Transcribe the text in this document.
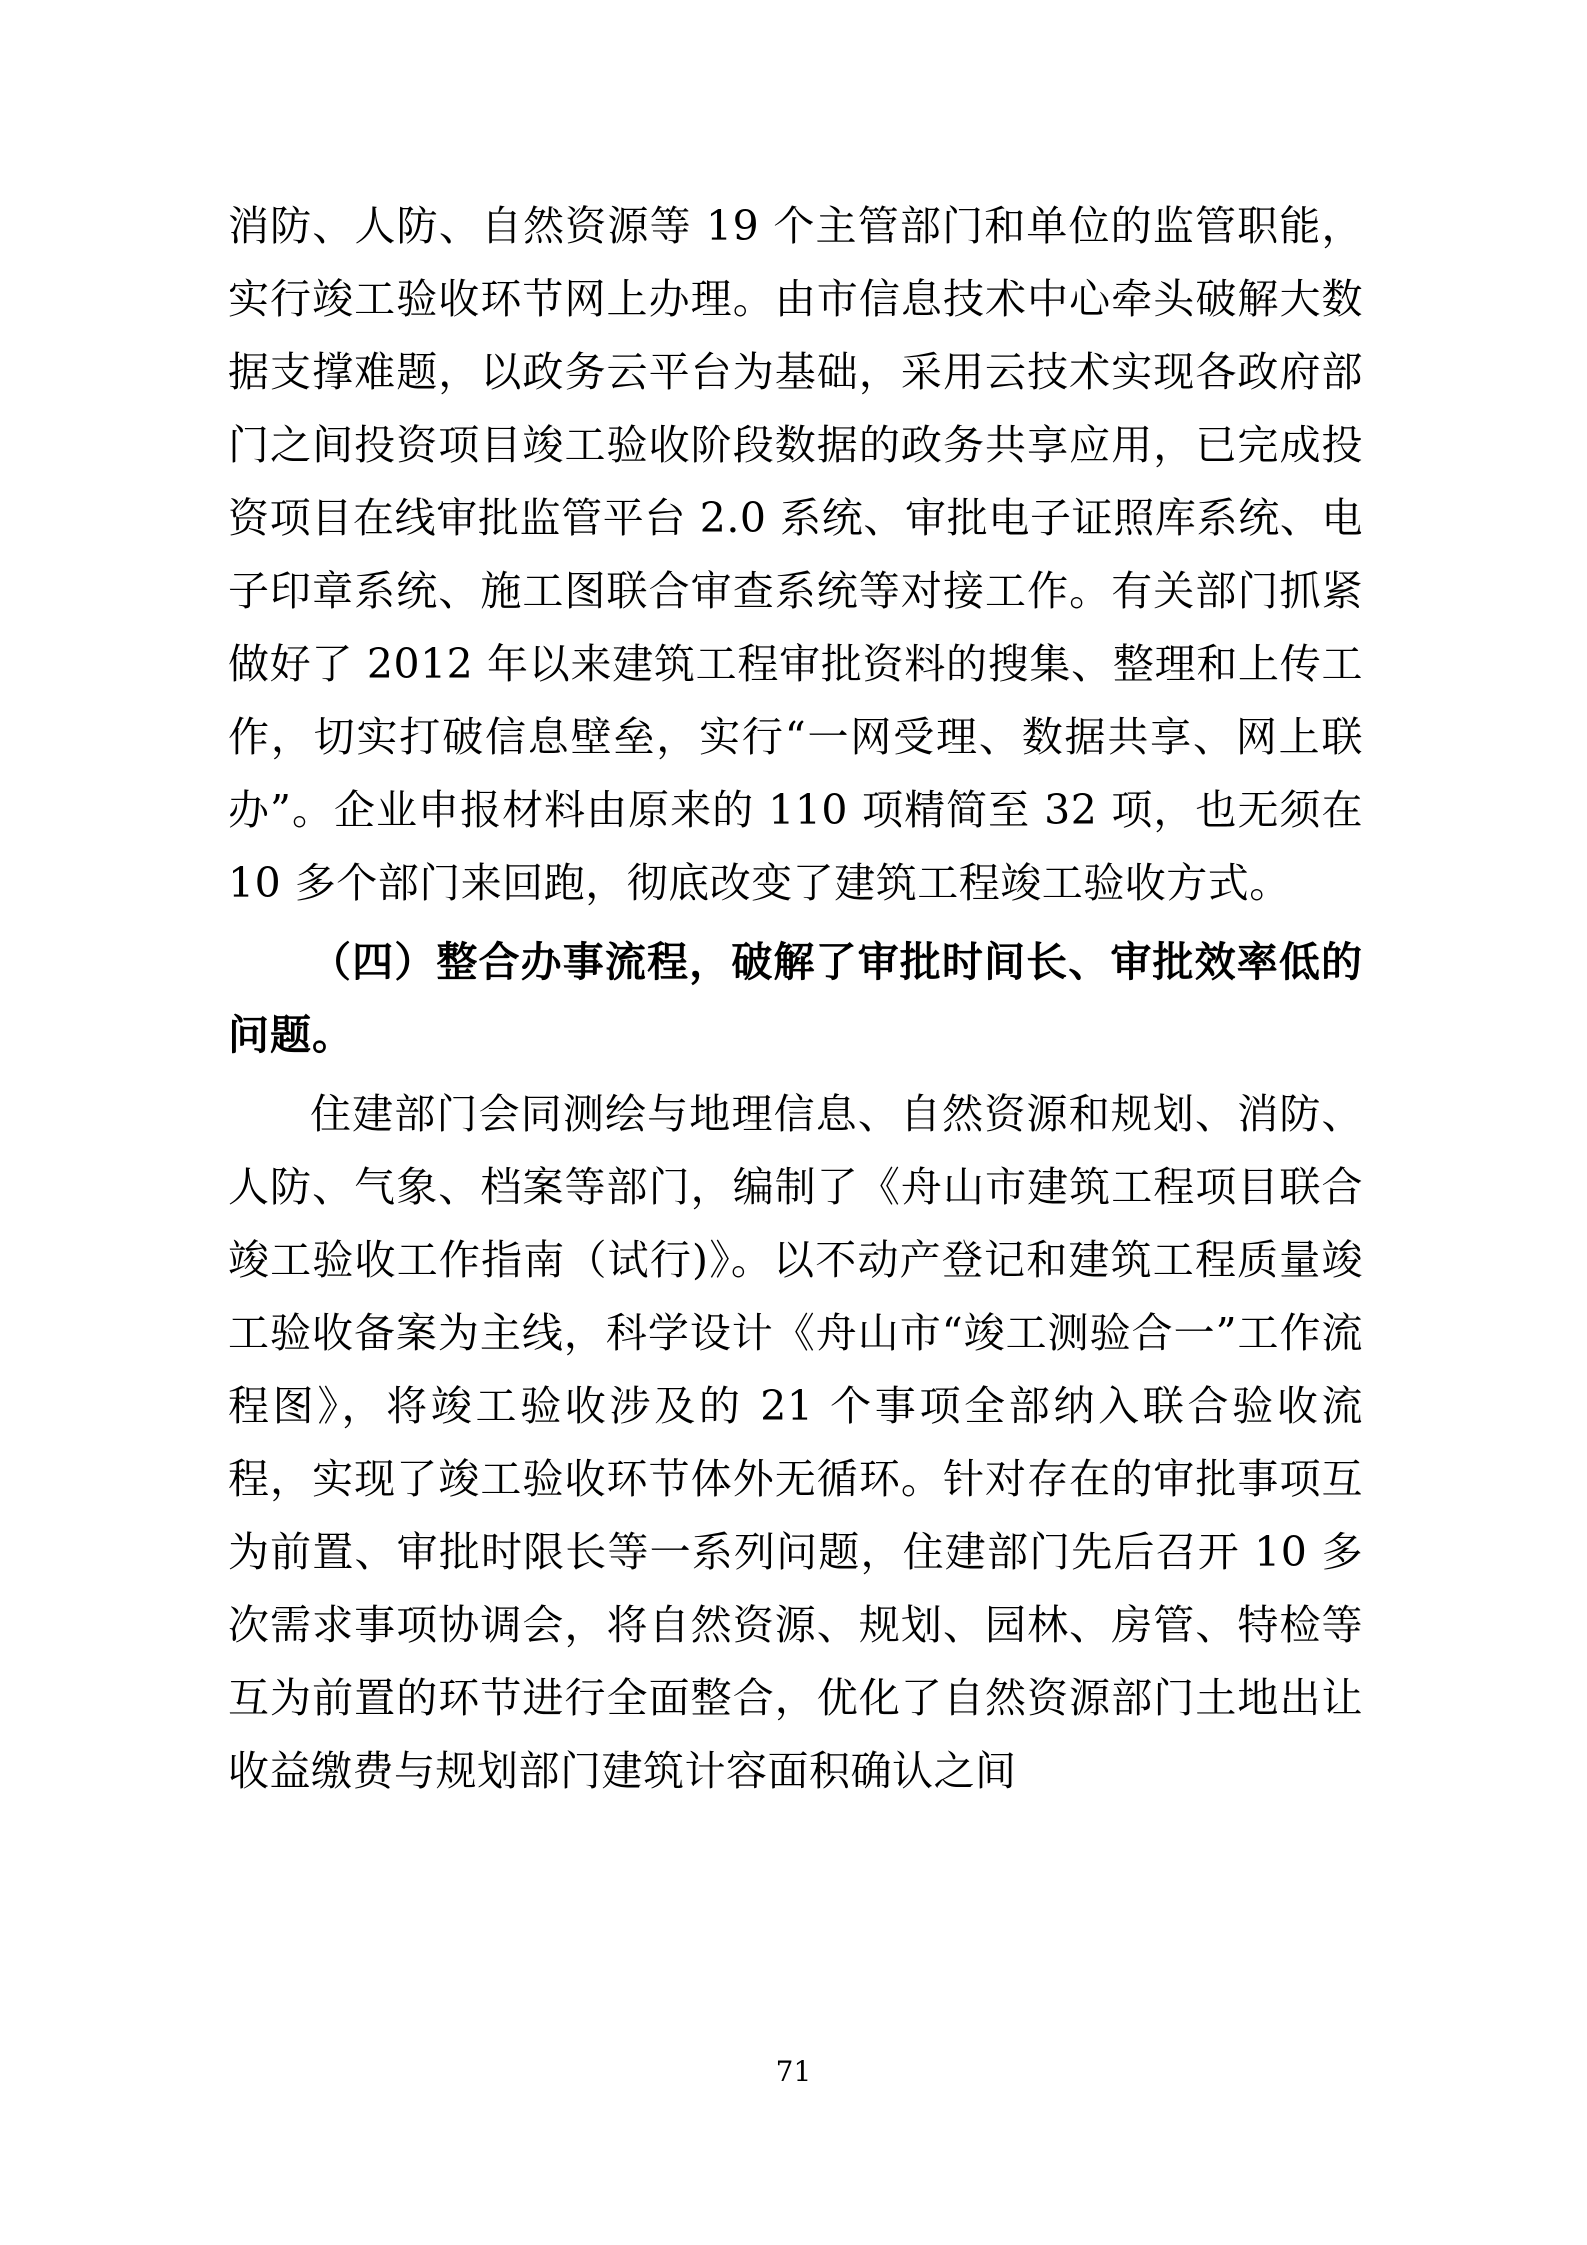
消防、人防、自然资源等 19 个主管部门和单位的监管职能，实行竣工验收环节网上办理。由市信息技术中心牵头破解大数据支撑难题，以政务云平台为基础，采用云技术实现各政府部门之间投资项目竣工验收阶段数据的政务共享应用，已完成投资项目在线审批监管平台 2.0 系统、审批电子证照库系统、电子印章系统、施工图联合审查系统等对接工作。有关部门抓紧做好了 2012 年以来建筑工程审批资料的搜集、整理和上传工作，切实打破信息壁垒，实行“一网受理、数据共享、网上联办”。企业申报材料由原来的 110 项精简至 32 项，也无须在 10 多个部门来回跑，彻底改变了建筑工程竣工验收方式。

（四）整合办事流程，破解了审批时间长、审批效率低的问题。

住建部门会同测绘与地理信息、自然资源和规划、消防、人防、气象、档案等部门，编制了《舟山市建筑工程项目联合竣工验收工作指南（试行)》。以不动产登记和建筑工程质量竣工验收备案为主线，科学设计《舟山市“竣工测验合一”工作流程图》，将竣工验收涉及的 21 个事项全部纳入联合验收流程，实现了竣工验收环节体外无循环。针对存在的审批事项互为前置、审批时限长等一系列问题，住建部门先后召开 10 多次需求事项协调会，将自然资源、规划、园林、房管、特检等互为前置的环节进行全面整合，优化了自然资源部门土地出让收益缴费与规划部门建筑计容面积确认之间

71
